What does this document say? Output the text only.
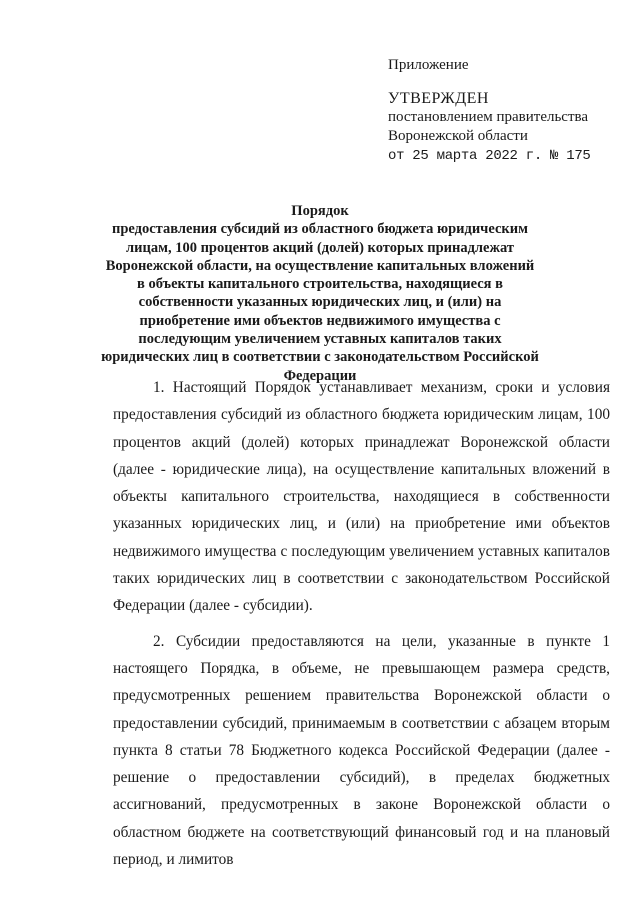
Приложение
УТВЕРЖДЕН
постановлением правительства
Воронежской области
от 25 марта 2022 г. № 175
Порядок
предоставления субсидий из областного бюджета юридическим лицам, 100 процентов акций (долей) которых принадлежат Воронежской области, на осуществление капитальных вложений в объекты капитального строительства, находящиеся в собственности указанных юридических лиц, и (или) на приобретение ими объектов недвижимого имущества с последующим увеличением уставных капиталов таких юридических лиц в соответствии с законодательством Российской Федерации

1. Настоящий Порядок устанавливает механизм, сроки и условия предоставления субсидий из областного бюджета юридическим лицам, 100 процентов акций (долей) которых принадлежат Воронежской области (далее - юридические лица), на осуществление капитальных вложений в объекты капитального строительства, находящиеся в собственности указанных юридических лиц, и (или) на приобретение ими объектов недвижимого имущества с последующим увеличением уставных капиталов таких юридических лиц в соответствии с законодательством Российской Федерации (далее - субсидии).

2. Субсидии предоставляются на цели, указанные в пункте 1 настоящего Порядка, в объеме, не превышающем размера средств, предусмотренных решением правительства Воронежской области о предоставлении субсидий, принимаемым в соответствии с абзацем вторым пункта 8 статьи 78 Бюджетного кодекса Российской Федерации (далее - решение о предоставлении субсидий), в пределах бюджетных ассигнований, предусмотренных в законе Воронежской области о областном бюджете на соответствующий финансовый год и на плановый период, и лимитов
